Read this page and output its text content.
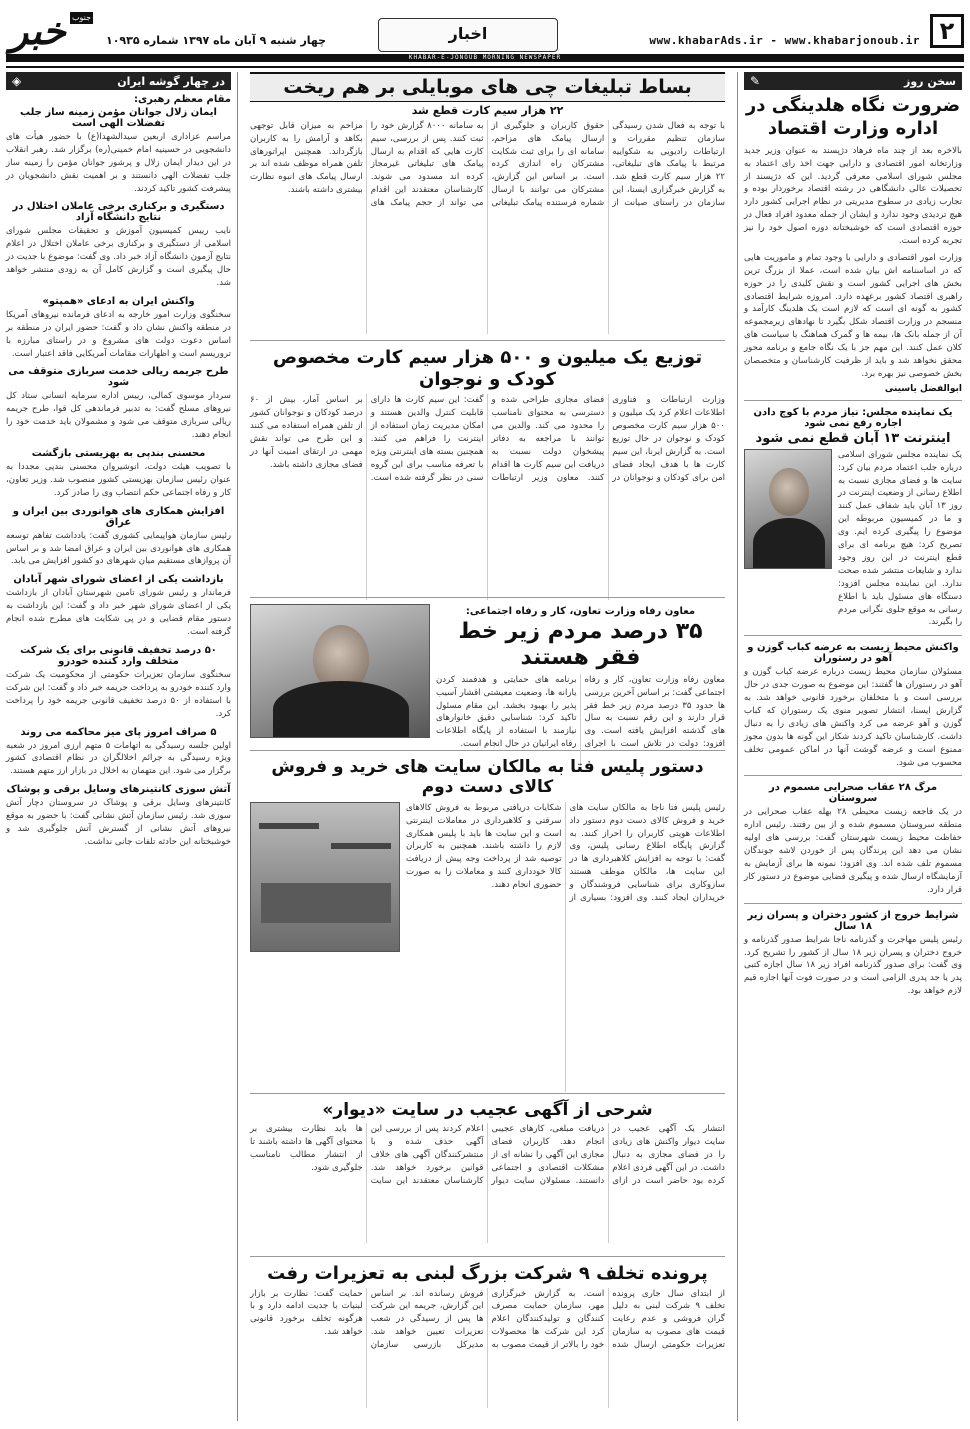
۲
www.khabarAds.ir - www.khabarjonoub.ir
اخبار
چهار شنبه ۹ آبان ماه ۱۳۹۷ شماره ۱۰۹۳۵
خبر جنوب
KHABAR-E-JONOUB MORNING NEWSPAPER
سخن روز
✎
ضرورت نگاه هلدینگی در اداره وزارت اقتصاد

بالاخره بعد از چند ماه فرهاد دژپسند به عنوان وزیر جدید وزارتخانه امور اقتصادی و دارایی جهت اخذ رای اعتماد به مجلس شورای اسلامی معرفی گردید. این که دژپسند از تحصیلات عالی دانشگاهی در رشته اقتصاد برخوردار بوده و تجارب زیادی در سطوح مدیریتی در نظام اجرایی کشور دارد هیچ تردیدی وجود ندارد و ایشان از جمله معدود افراد فعال در حوزه اقتصادی است که خوشبختانه دوره اصول خود را نیز تجربه کرده است.

وزارت امور اقتصادی و دارایی با وجود تمام و ماموریت هایی که در اساسنامه اش بیان شده است، عملا از بزرگ ترین بخش های اجرایی کشور است و نقش کلیدی را در حوزه راهبری اقتصاد کشور برعهده دارد. امروزه شرایط اقتصادی کشور به گونه ای است که لازم است یک هلدینگ کارآمد و منسجم در وزارت اقتصاد شکل بگیرد تا نهادهای زیرمجموعه آن از جمله بانک ها، بیمه ها و گمرک هماهنگ با سیاست های کلان عمل کنند. این مهم جز با یک نگاه جامع و برنامه محور محقق نخواهد شد و باید از ظرفیت کارشناسان و متخصصان بخش خصوصی نیز بهره برد.

ابوالفضل یاسینی
یک نماینده مجلس: نیاز مردم با کوچ دادن اجاره رفع نمی شود
اینترنت ۱۳ آبان قطع نمی شود

یک نماینده مجلس شورای اسلامی درباره جلب اعتماد مردم بیان کرد: سایت ها و فضای مجازی نسبت به اطلاع رسانی از وضعیت اینترنت در روز ۱۳ آبان باید شفاف عمل کنند و ما در کمیسیون مربوطه این موضوع را پیگیری کرده ایم. وی تصریح کرد: هیچ برنامه ای برای قطع اینترنت در این روز وجود ندارد و شایعات منتشر شده صحت ندارد. این نماینده مجلس افزود: دستگاه های مسئول باید با اطلاع رسانی به موقع جلوی نگرانی مردم را بگیرند.

واکنش محیط زیست به عرضه کباب گوزن و آهو در رستوران

مسئولان سازمان محیط زیست درباره عرضه کباب گوزن و آهو در رستوران ها گفتند: این موضوع به صورت جدی در حال بررسی است و با متخلفان برخورد قانونی خواهد شد. به گزارش ایسنا، انتشار تصویر منوی یک رستوران که کباب گوزن و آهو عرضه می کرد واکنش های زیادی را به دنبال داشت. کارشناسان تاکید کردند شکار این گونه ها بدون مجوز ممنوع است و عرضه گوشت آنها در اماکن عمومی تخلف محسوب می شود.

مرگ ۲۸ عقاب صحرایی مسموم در سروستان

در یک فاجعه زیست محیطی ۲۸ بهله عقاب صحرایی در منطقه سروستان مسموم شده و از بین رفتند. رئیس اداره حفاظت محیط زیست شهرستان گفت: بررسی های اولیه نشان می دهد این پرندگان پس از خوردن لاشه جوندگان مسموم تلف شده اند. وی افزود: نمونه ها برای آزمایش به آزمایشگاه ارسال شده و پیگیری قضایی موضوع در دستور کار قرار دارد.

شرایط خروج از کشور دختران و پسران زیر ۱۸ سال

رئیس پلیس مهاجرت و گذرنامه ناجا شرایط صدور گذرنامه و خروج دختران و پسران زیر ۱۸ سال از کشور را تشریح کرد. وی گفت: برای صدور گذرنامه افراد زیر ۱۸ سال اجازه کتبی پدر یا جد پدری الزامی است و در صورت فوت آنها اجازه قیم لازم خواهد بود.

بساط تبلیغات چی های موبایلی بر هم ریخت
۲۲ هزار سیم کارت قطع شد

با توجه به فعال شدن رسیدگی سازمان تنظیم مقررات و ارتباطات رادیویی به شکواییه مرتبط با پیامک های تبلیغاتی، ۲۲ هزار سیم کارت قطع شد. به گزارش خبرگزاری ایسنا، این سازمان در راستای صیانت از حقوق کاربران و جلوگیری از ارسال پیامک های مزاحم، سامانه ای را برای ثبت شکایت مشترکان راه اندازی کرده است. بر اساس این گزارش، مشترکان می توانند با ارسال شماره فرستنده پیامک تبلیغاتی به سامانه ۸۰۰۰ گزارش خود را ثبت کنند. پس از بررسی، سیم کارت هایی که اقدام به ارسال پیامک های تبلیغاتی غیرمجاز کرده اند مسدود می شوند. کارشناسان معتقدند این اقدام می تواند از حجم پیامک های مزاحم به میزان قابل توجهی بکاهد و آرامش را به کاربران بازگرداند. همچنین اپراتورهای تلفن همراه موظف شده اند بر ارسال پیامک های انبوه نظارت بیشتری داشته باشند.

توزیع یک میلیون و ۵۰۰ هزار سیم کارت مخصوص کودک و نوجوان

وزارت ارتباطات و فناوری اطلاعات اعلام کرد یک میلیون و ۵۰۰ هزار سیم کارت مخصوص کودک و نوجوان در حال توزیع است. به گزارش ایرنا، این سیم کارت ها با هدف ایجاد فضای امن برای کودکان و نوجوانان در فضای مجازی طراحی شده و دسترسی به محتوای نامناسب را محدود می کند. والدین می توانند با مراجعه به دفاتر پیشخوان دولت نسبت به دریافت این سیم کارت ها اقدام کنند. معاون وزیر ارتباطات گفت: این سیم کارت ها دارای قابلیت کنترل والدین هستند و امکان مدیریت زمان استفاده از اینترنت را فراهم می کنند. همچنین بسته های اینترنتی ویژه با تعرفه مناسب برای این گروه سنی در نظر گرفته شده است. بر اساس آمار، بیش از ۶۰ درصد کودکان و نوجوانان کشور از تلفن همراه استفاده می کنند و این طرح می تواند نقش مهمی در ارتقای امنیت آنها در فضای مجازی داشته باشد.

معاون رفاه وزارت تعاون، کار و رفاه اجتماعی:
۳۵ درصد مردم زیر خط فقر هستند

معاون رفاه وزارت تعاون، کار و رفاه اجتماعی گفت: بر اساس آخرین بررسی ها حدود ۳۵ درصد مردم زیر خط فقر قرار دارند و این رقم نسبت به سال های گذشته افزایش یافته است. وی افزود: دولت در تلاش است با اجرای برنامه های حمایتی و هدفمند کردن یارانه ها، وضعیت معیشتی اقشار آسیب پذیر را بهبود بخشد. این مقام مسئول تاکید کرد: شناسایی دقیق خانوارهای نیازمند با استفاده از پایگاه اطلاعات رفاه ایرانیان در حال انجام است.

دستور پلیس فتا به مالکان سایت های خرید و فروش کالای دست دوم

رئیس پلیس فتا ناجا به مالکان سایت های خرید و فروش کالای دست دوم دستور داد اطلاعات هویتی کاربران را احراز کنند. به گزارش پایگاه اطلاع رسانی پلیس، وی گفت: با توجه به افزایش کلاهبرداری ها در این سایت ها، مالکان موظف هستند سازوکاری برای شناسایی فروشندگان و خریداران ایجاد کنند. وی افزود: بسیاری از شکایات دریافتی مربوط به فروش کالاهای سرقتی و کلاهبرداری در معاملات اینترنتی است و این سایت ها باید با پلیس همکاری لازم را داشته باشند. همچنین به کاربران توصیه شد از پرداخت وجه پیش از دریافت کالا خودداری کنند و معاملات را به صورت حضوری انجام دهند.

شرحی از آگهی عجیب در سایت «دیوار»

انتشار یک آگهی عجیب در سایت دیوار واکنش های زیادی را در فضای مجازی به دنبال داشت. در این آگهی فردی اعلام کرده بود حاضر است در ازای دریافت مبلغی، کارهای عجیبی انجام دهد. کاربران فضای مجازی این آگهی را نشانه ای از مشکلات اقتصادی و اجتماعی دانستند. مسئولان سایت دیوار اعلام کردند پس از بررسی این آگهی حذف شده و با منتشرکنندگان آگهی های خلاف قوانین برخورد خواهد شد. کارشناسان معتقدند این سایت ها باید نظارت بیشتری بر محتوای آگهی ها داشته باشند تا از انتشار مطالب نامناسب جلوگیری شود.

پرونده تخلف ۹ شرکت بزرگ لبنی به تعزیرات رفت

از ابتدای سال جاری پرونده تخلف ۹ شرکت لبنی به دلیل گران فروشی و عدم رعایت قیمت های مصوب به سازمان تعزیرات حکومتی ارسال شده است. به گزارش خبرگزاری مهر، سازمان حمایت مصرف کنندگان و تولیدکنندگان اعلام کرد این شرکت ها محصولات خود را بالاتر از قیمت مصوب به فروش رسانده اند. بر اساس این گزارش، جریمه این شرکت ها پس از رسیدگی در شعب تعزیرات تعیین خواهد شد. مدیرکل بازرسی سازمان حمایت گفت: نظارت بر بازار لبنیات با جدیت ادامه دارد و با هرگونه تخلف برخورد قانونی خواهد شد.

در چهار گوشه ایران
◈
مقام معظم رهبری:
ایمان زلال جوانان مؤمن زمینه ساز جلب تفضلات الهی است

مراسم عزاداری اربعین سیدالشهدا(ع) با حضور هیأت های دانشجویی در حسینیه امام خمینی(ره) برگزار شد. رهبر انقلاب در این دیدار ایمان زلال و پرشور جوانان مؤمن را زمینه ساز جلب تفضلات الهی دانستند و بر اهمیت نقش دانشجویان در پیشرفت کشور تاکید کردند.

دستگیری و برکناری برخی عاملان اختلال در نتایج دانشگاه آزاد

نایب رییس کمیسیون آموزش و تحقیقات مجلس شورای اسلامی از دستگیری و برکناری برخی عاملان اختلال در اعلام نتایج آزمون دانشگاه آزاد خبر داد. وی گفت: موضوع با جدیت در حال پیگیری است و گزارش کامل آن به زودی منتشر خواهد شد.

واکنش ایران به ادعای «همپتو»

سخنگوی وزارت امور خارجه به ادعای فرمانده نیروهای آمریکا در منطقه واکنش نشان داد و گفت: حضور ایران در منطقه بر اساس دعوت دولت های مشروع و در راستای مبارزه با تروریسم است و اظهارات مقامات آمریکایی فاقد اعتبار است.

طرح جریمه ریالی خدمت سربازی متوقف می شود

سردار موسوی کمالی، رییس اداره سرمایه انسانی ستاد کل نیروهای مسلح گفت: به تدبیر فرماندهی کل قوا، طرح جریمه ریالی سربازی متوقف می شود و مشمولان باید خدمت خود را انجام دهند.

محسنی بندپی به بهزیستی بازگشت

با تصویب هیئت دولت، انوشیروان محسنی بندپی مجددا به عنوان رئیس سازمان بهزیستی کشور منصوب شد. وزیر تعاون، کار و رفاه اجتماعی حکم انتصاب وی را صادر کرد.

افزایش همکاری های هوانوردی بین ایران و عراق

رئیس سازمان هواپیمایی کشوری گفت: یادداشت تفاهم توسعه همکاری های هوانوردی بین ایران و عراق امضا شد و بر اساس آن پروازهای مستقیم میان شهرهای دو کشور افزایش می یابد.

بازداشت یکی از اعضای شورای شهر آبادان

فرماندار و رئیس شورای تامین شهرستان آبادان از بازداشت یکی از اعضای شورای شهر خبر داد و گفت: این بازداشت به دستور مقام قضایی و در پی شکایت های مطرح شده انجام گرفته است.

۵۰ درصد تخفیف قانونی برای یک شرکت متخلف وارد کننده خودرو

سخنگوی سازمان تعزیرات حکومتی از محکومیت یک شرکت وارد کننده خودرو به پرداخت جریمه خبر داد و گفت: این شرکت با استفاده از ۵۰ درصد تخفیف قانونی جریمه خود را پرداخت کرد.

۵ صراف امروز پای میز محاکمه می روند

اولین جلسه رسیدگی به اتهامات ۵ متهم ارزی امروز در شعبه ویژه رسیدگی به جرائم اخلالگران در نظام اقتصادی کشور برگزار می شود. این متهمان به اخلال در بازار ارز متهم هستند.

آتش سوزی کانتینرهای وسایل برقی و پوشاک

کانتینرهای وسایل برقی و پوشاک در سروستان دچار آتش سوزی شد. رئیس سازمان آتش نشانی گفت: با حضور به موقع نیروهای آتش نشانی از گسترش آتش جلوگیری شد و خوشبختانه این حادثه تلفات جانی نداشت.
